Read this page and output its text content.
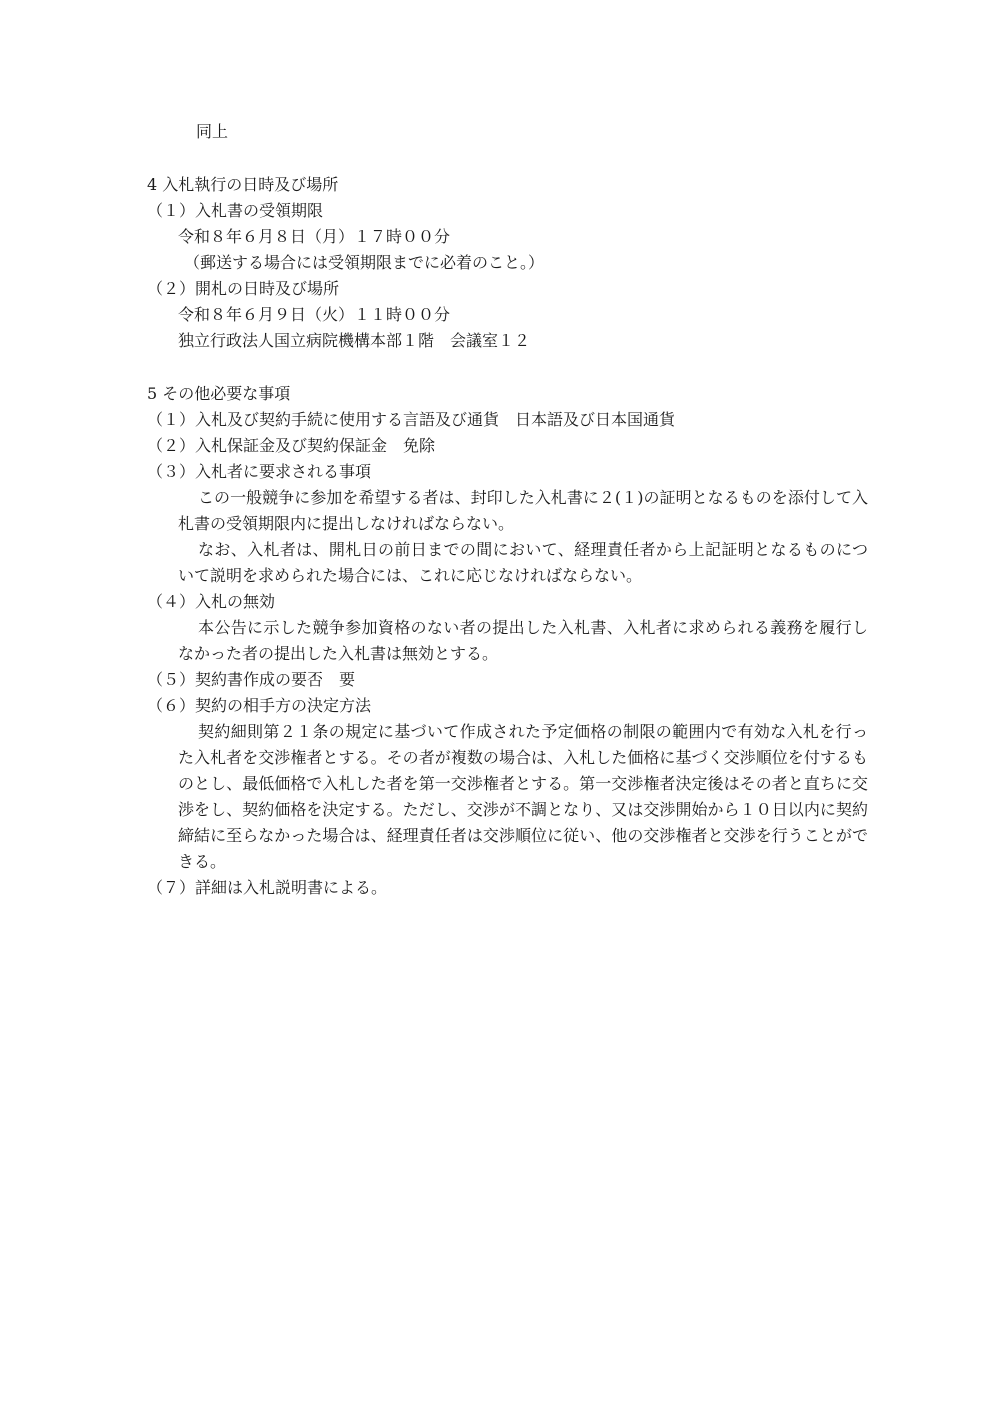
同上
4 入札執行の日時及び場所
（１）入札書の受領期限
令和８年６月８日（月）１７時００分
（郵送する場合には受領期限までに必着のこと。）
（２）開札の日時及び場所
令和８年６月９日（火）１１時００分
独立行政法人国立病院機構本部１階　会議室１２
5 その他必要な事項
（１）入札及び契約手続に使用する言語及び通貨　日本語及び日本国通貨
（２）入札保証金及び契約保証金　免除
（３）入札者に要求される事項

この一般競争に参加を希望する者は、封印した入札書に２(１)の証明となるものを添付して入札書の受領期限内に提出しなければならない。

なお、入札者は、開札日の前日までの間において、経理責任者から上記証明となるものについて説明を求められた場合には、これに応じなければならない。

（４）入札の無効

本公告に示した競争参加資格のない者の提出した入札書、入札者に求められる義務を履行しなかった者の提出した入札書は無効とする。

（５）契約書作成の要否　要
（６）契約の相手方の決定方法

契約細則第２１条の規定に基づいて作成された予定価格の制限の範囲内で有効な入札を行った入札者を交渉権者とする。その者が複数の場合は、入札した価格に基づく交渉順位を付するものとし、最低価格で入札した者を第一交渉権者とする。第一交渉権者決定後はその者と直ちに交渉をし、契約価格を決定する。ただし、交渉が不調となり、又は交渉開始から１０日以内に契約締結に至らなかった場合は、経理責任者は交渉順位に従い、他の交渉権者と交渉を行うことができる。

（７）詳細は入札説明書による。
